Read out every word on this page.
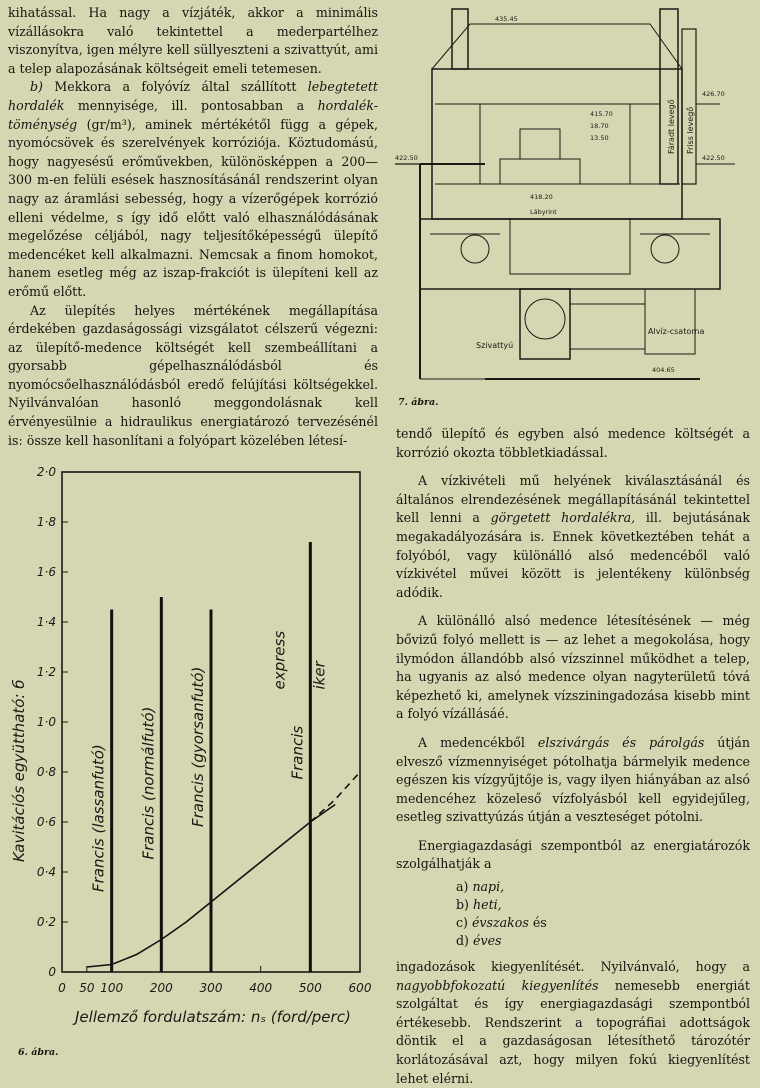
kihatással. Ha nagy a vízjáték, akkor a minimális vízállásokra való tekintettel a mederpartélhez viszonyítva, igen mélyre kell süllyeszteni a szivattyút, ami a telep alapozásának költségeit emeli tetemesen.

b) Mekkora a folyóvíz által szállított lebegtetett hordalék mennyisége, ill. pontosabban a hordalék-töménység (gr/m³), aminek mértékétől függ a gépek, nyomócsövek és szerelvények korróziója. Köztudomású, hogy nagyesésű erőművekben, különösképpen a 200—300 m-en felüli esések hasznosításánál rendszerint olyan nagy az áramlási sebesség, hogy a vízerőgépek korrózió elleni védelme, s így idő előtt való elhasználódásának megelőzése céljából, nagy teljesítőképességű ülepítő medencéket kell alkalmazni. Nemcsak a finom homokot, hanem esetleg még az iszap-frakciót is ülepíteni kell az erőmű előtt.

Az ülepítés helyes mértékének megállapítása érdekében gazdaságossági vizsgálatot célszerű végezni: az ülepítő-medence költségét kell szembeállítani a gyorsabb gépelhasználódásból és nyomócsőelhasználódásból eredő felújítási költségekkel. Nyilvánvalóan hasonló meggondolásnak kell érvényesülnie a hidraulikus energiatározó tervezésénél is: össze kell hasonlítani a folyópart közelében létesí-

435.45
426.70
422.50	422.50
418.20
415.70
18.70
13.50
Lábyrint
404.65
Szivattyú
Alvíz-csatorna
Fáradt levegő Friss levegő
7. ábra.
0
0·2
0·4
0·6
0·8
1·0
1·2
1·4
1·6
1·8
2·0
0 50 100 200 300 400 500 600
Francis (lassanfutó) Francis (normálfutó) Francis (gyorsanfutó)	Francis
express iker
Kavitációs együttható: б
Jellemző fordulatszám: nₛ (ford/perc)
6. ábra.

tendő ülepítő és egyben alsó medence költségét a korrózió okozta többletkiadással.

A vízkivételi mű helyének kiválasztásánál és általános elrendezésének megállapításánál tekintettel kell lenni a görgetett hordalékra, ill. bejutásának megakadályozására is. Ennek következtében tehát a folyóból, vagy különálló alsó medencéből való vízkivétel művei között is jelentékeny különbség adódik.

A különálló alsó medence létesítésének — még bővizű folyó mellett is — az lehet a megokolása, hogy ilymódon állandóbb alsó vízszinnel működhet a telep, ha ugyanis az alsó medence olyan nagyterületű tóvá képezhető ki, amelynek vízsziningadozása kisebb mint a folyó vízállásáé.

A medencékből elszivárgás és párolgás útján elvesző vízmennyiséget pótolhatja bármelyik medence egészen kis vízgyűjtője is, vagy ilyen hiányában az alsó medencéhez közeleső vízfolyásból kell egyidejűleg, esetleg szivattyúzás útján a veszteséget pótolni.

Energiagazdasági szempontból az energiatározók szolgálhatják a

a) napi,
b) heti,
c) évszakos és
d) éves

ingadozások kiegyenlítését. Nyilvánvaló, hogy a nagyobbfokozatú kiegyenlítés nemesebb energiát szolgáltat és így energiagazdasági szempontból értékesebb. Rendszerint a topográfiai adottságok döntik el a gazdaságosan létesíthető tározótér korlátozásával azt, hogy milyen fokú kiegyenlítést lehet elérni.
